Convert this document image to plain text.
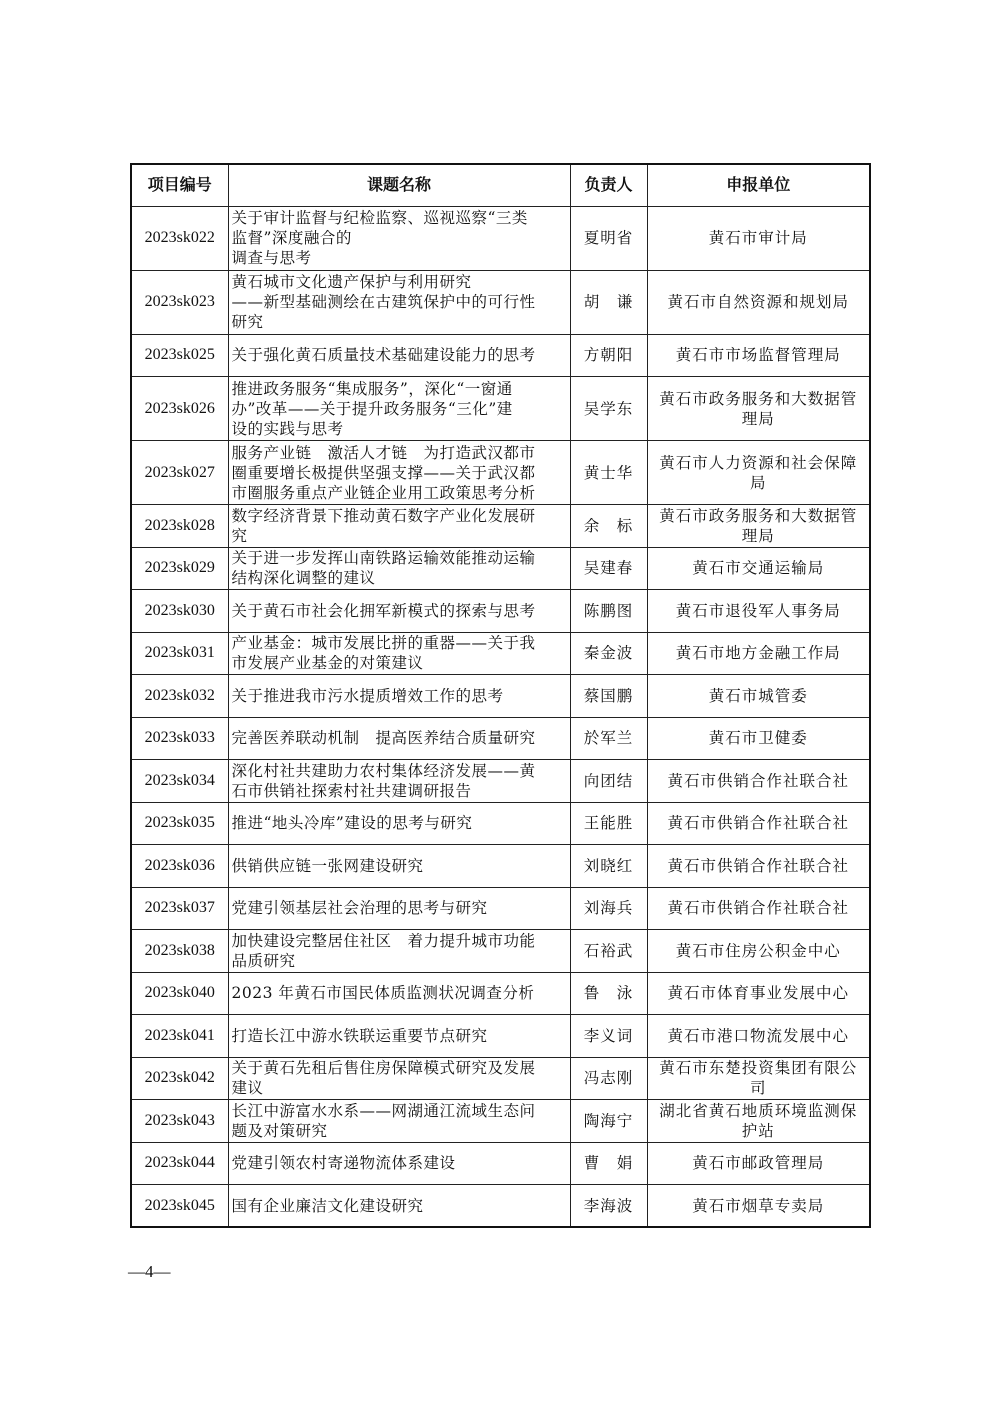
项目编号	课题名称	负责人	申报单位
2023sk022	关于审计监督与纪检监察、巡视巡察“三类
监督”深度融合的
调查与思考	夏明省	黄石市审计局
2023sk023	黄石城市文化遗产保护与利用研究
——新型基础测绘在古建筑保护中的可行性
研究	胡　谦	黄石市自然资源和规划局
2023sk025	关于强化黄石质量技术基础建设能力的思考	方朝阳	黄石市市场监督管理局
2023sk026	推进政务服务“集成服务”，深化“一窗通
办”改革——关于提升政务服务“三化”建
设的实践与思考	吴学东	黄石市政务服务和大数据管
理局
2023sk027	服务产业链　激活人才链　为打造武汉都市
圈重要增长极提供坚强支撑——关于武汉都
市圈服务重点产业链企业用工政策思考分析	黄士华	黄石市人力资源和社会保障
局
2023sk028	数字经济背景下推动黄石数字产业化发展研
究	余　标	黄石市政务服务和大数据管
理局
2023sk029	关于进一步发挥山南铁路运输效能推动运输
结构深化调整的建议	吴建春	黄石市交通运输局
2023sk030	关于黄石市社会化拥军新模式的探索与思考	陈鹏图	黄石市退役军人事务局
2023sk031	产业基金：城市发展比拼的重器——关于我
市发展产业基金的对策建议	秦金波	黄石市地方金融工作局
2023sk032	关于推进我市污水提质增效工作的思考	蔡国鹏	黄石市城管委
2023sk033	完善医养联动机制　提高医养结合质量研究	於军兰	黄石市卫健委
2023sk034	深化村社共建助力农村集体经济发展——黄
石市供销社探索村社共建调研报告	向团结	黄石市供销合作社联合社
2023sk035	推进“地头冷库”建设的思考与研究	王能胜	黄石市供销合作社联合社
2023sk036	供销供应链一张网建设研究	刘晓红	黄石市供销合作社联合社
2023sk037	党建引领基层社会治理的思考与研究	刘海兵	黄石市供销合作社联合社
2023sk038	加快建设完整居住社区　着力提升城市功能
品质研究	石裕武	黄石市住房公积金中心
2023sk040	2023 年黄石市国民体质监测状况调查分析	鲁　泳	黄石市体育事业发展中心
2023sk041	打造长江中游水铁联运重要节点研究	李义词	黄石市港口物流发展中心
2023sk042	关于黄石先租后售住房保障模式研究及发展
建议	冯志刚	黄石市东楚投资集团有限公
司
2023sk043	长江中游富水水系——网湖通江流域生态问
题及对策研究	陶海宁	湖北省黄石地质环境监测保
护站
2023sk044	党建引领农村寄递物流体系建设	曹　娟	黄石市邮政管理局
2023sk045	国有企业廉洁文化建设研究	李海波	黄石市烟草专卖局
—4—
